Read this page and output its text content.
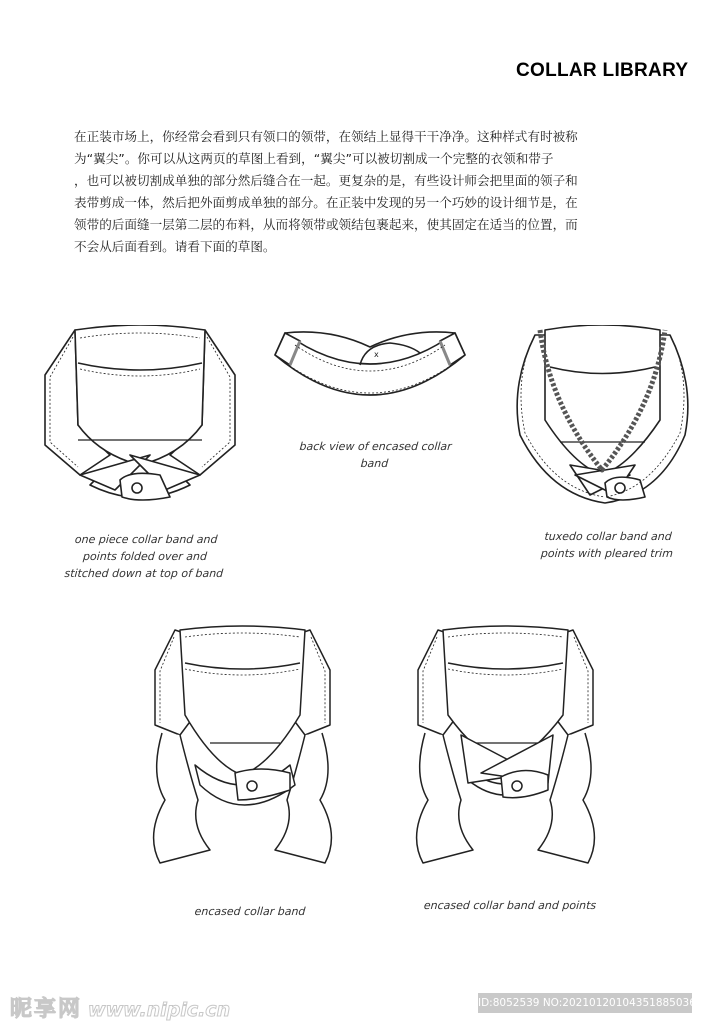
COLLAR LIBRARY
在正装市场上，你经常会看到只有领口的领带，在领结上显得干干净净。这种样式有时被称
为“翼尖”。你可以从这两页的草图上看到，“翼尖”可以被切割成一个完整的衣领和带子
，也可以被切割成单独的部分然后缝合在一起。更复杂的是，有些设计师会把里面的领子和
表带剪成一体，然后把外面剪成单独的部分。在正装中发现的另一个巧妙的设计细节是，在
领带的后面缝一层第二层的布料，从而将领带或领结包裹起来，使其固定在适当的位置，而
不会从后面看到。请看下面的草图。
one piece collar band and
points folded over and
stitched down at top of band
x
back view of encased collar
band
tuxedo collar band and
points with pleared trim
encased collar band	encased collar band and points
昵享网 www.nipic.cn	ID:8052539 NO:20210120104351885036
